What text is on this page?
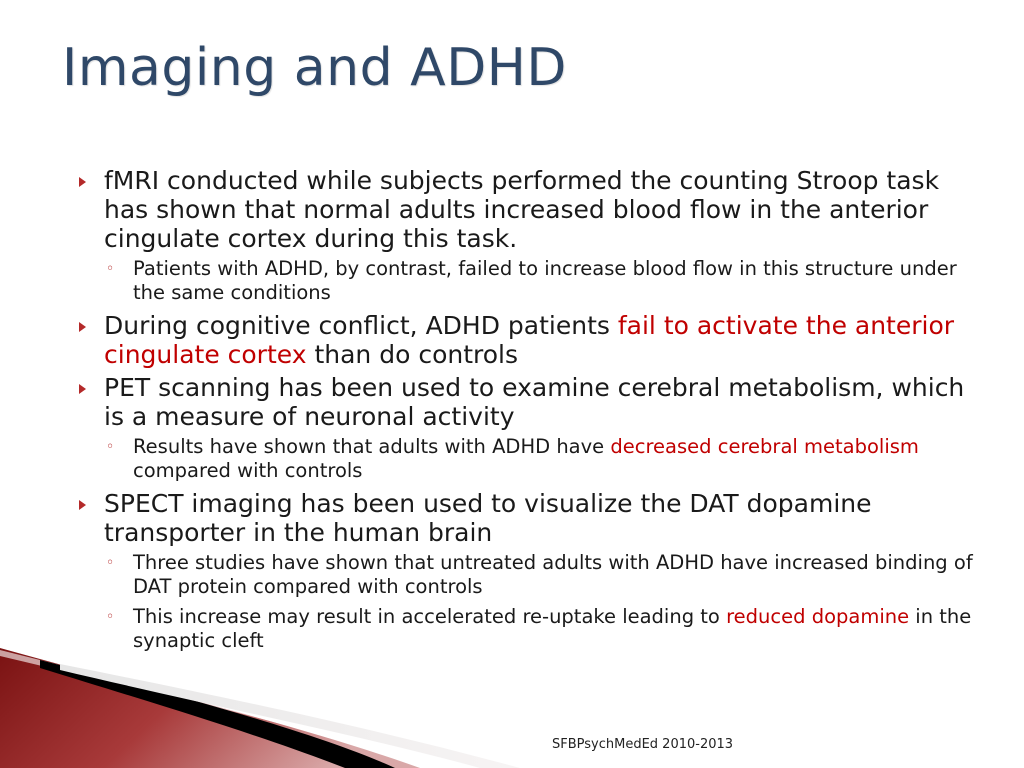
Imaging and ADHD
fMRI conducted while subjects performed the counting Stroop task has shown that normal adults increased blood flow in the anterior cingulate cortex during this task.
◦ Patients with ADHD, by contrast, failed to increase blood flow in this structure under the same conditions
During cognitive conflict, ADHD patients fail to activate the anterior cingulate cortex than do controls
PET scanning has been used to examine cerebral metabolism, which is a measure of neuronal activity
◦ Results have shown that adults with ADHD have decreased cerebral metabolism compared with controls
SPECT imaging has been used to visualize the DAT dopamine transporter in the human brain
◦ Three studies have shown that untreated adults with ADHD have increased binding of DAT protein compared with controls
◦ This increase may result in accelerated re-uptake leading to reduced dopamine in the synaptic cleft
SFBPsychMedEd 2010-2013
